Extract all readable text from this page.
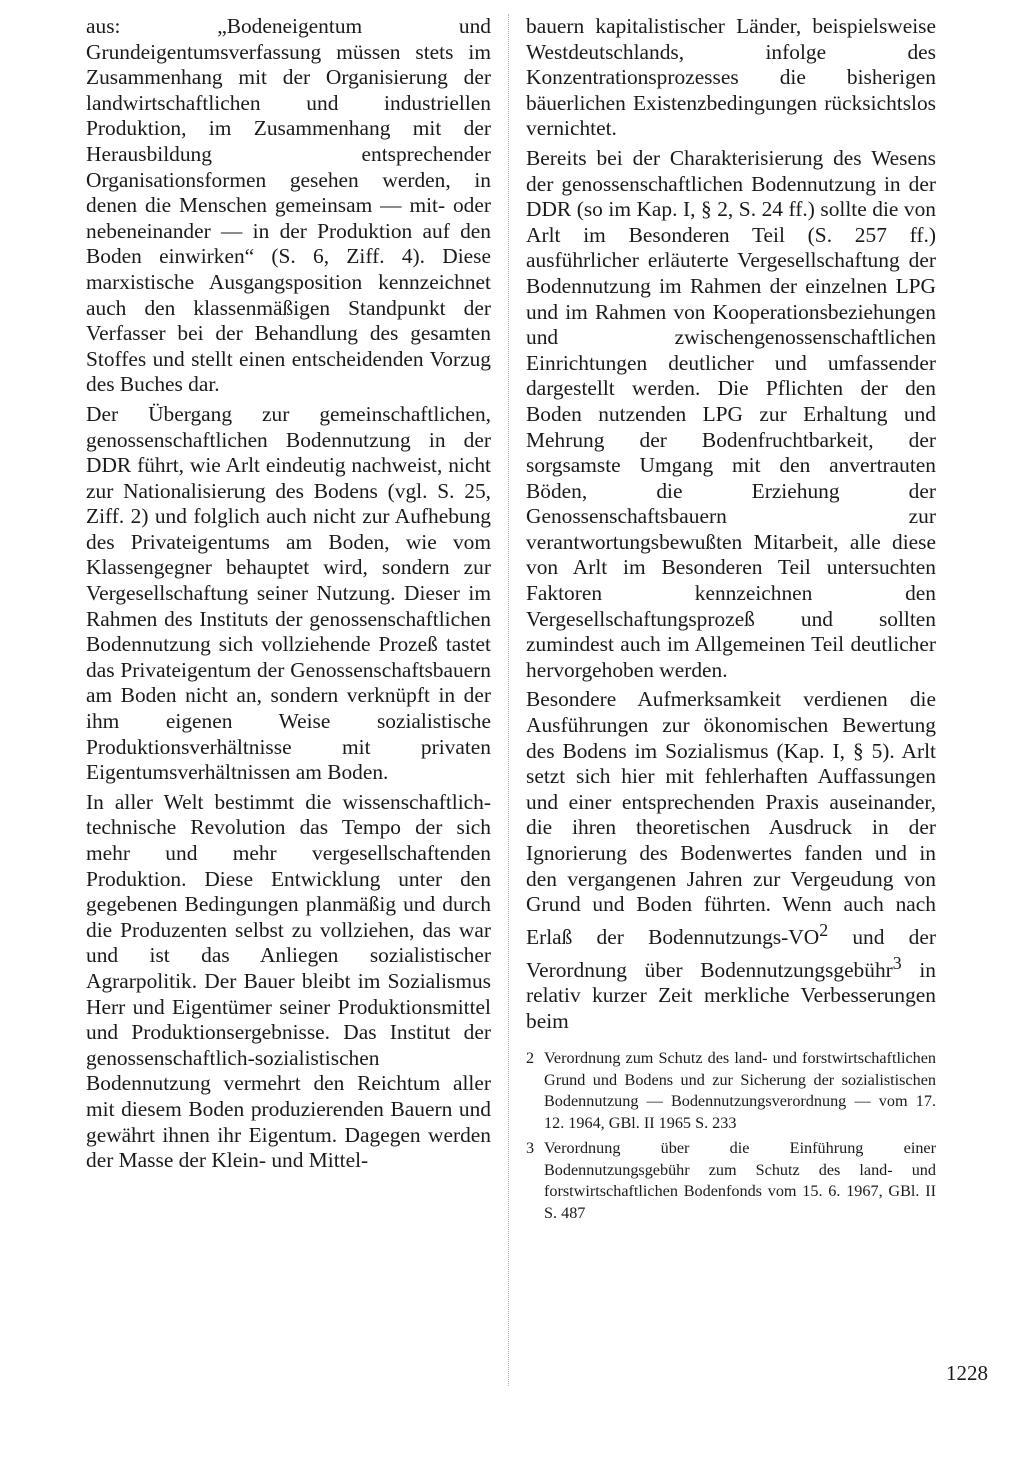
aus: „Bodeneigentum und Grundeigentumsverfassung müssen stets im Zusammenhang mit der Organisierung der landwirtschaftlichen und industriellen Produktion, im Zusammenhang mit der Herausbildung entsprechender Organisationsformen gesehen werden, in denen die Menschen gemeinsam — mit- oder nebeneinander — in der Produktion auf den Boden einwirken“ (S. 6, Ziff. 4). Diese marxistische Ausgangsposition kennzeichnet auch den klassenmäßigen Standpunkt der Verfasser bei der Behandlung des gesamten Stoffes und stellt einen entscheidenden Vorzug des Buches dar.

Der Übergang zur gemeinschaftlichen, genossenschaftlichen Bodennutzung in der DDR führt, wie Arlt eindeutig nachweist, nicht zur Nationalisierung des Bodens (vgl. S. 25, Ziff. 2) und folglich auch nicht zur Aufhebung des Privateigentums am Boden, wie vom Klassengegner behauptet wird, sondern zur Vergesellschaftung seiner Nutzung. Dieser im Rahmen des Instituts der genossenschaftlichen Bodennutzung sich vollziehende Prozeß tastet das Privateigentum der Genossenschaftsbauern am Boden nicht an, sondern verknüpft in der ihm eigenen Weise sozialistische Produktionsverhältnisse mit privaten Eigentumsverhältnissen am Boden.

In aller Welt bestimmt die wissenschaftlich-technische Revolution das Tempo der sich mehr und mehr vergesellschaftenden Produktion. Diese Entwicklung unter den gegebenen Bedingungen planmäßig und durch die Produzenten selbst zu vollziehen, das war und ist das Anliegen sozialistischer Agrarpolitik. Der Bauer bleibt im Sozialismus Herr und Eigentümer seiner Produktionsmittel und Produktionsergebnisse. Das Institut der genossenschaftlich-sozialistischen Bodennutzung vermehrt den Reichtum aller mit diesem Boden produzierenden Bauern und gewährt ihnen ihr Eigentum. Dagegen werden der Masse der Klein- und Mittel-

bauern kapitalistischer Länder, beispielsweise Westdeutschlands, infolge des Konzentrationsprozesses die bisherigen bäuerlichen Existenzbedingungen rücksichtslos vernichtet.

Bereits bei der Charakterisierung des Wesens der genossenschaftlichen Bodennutzung in der DDR (so im Kap. I, § 2, S. 24 ff.) sollte die von Arlt im Besonderen Teil (S. 257 ff.) ausführlicher erläuterte Vergesellschaftung der Bodennutzung im Rahmen der einzelnen LPG und im Rahmen von Kooperationsbeziehungen und zwischengenossenschaftlichen Einrichtungen deutlicher und umfassender dargestellt werden. Die Pflichten der den Boden nutzenden LPG zur Erhaltung und Mehrung der Bodenfruchtbarkeit, der sorgsamste Umgang mit den anvertrauten Böden, die Erziehung der Genossenschaftsbauern zur verantwortungsbewußten Mitarbeit, alle diese von Arlt im Besonderen Teil untersuchten Faktoren kennzeichnen den Vergesellschaftungsprozeß und sollten zumindest auch im Allgemeinen Teil deutlicher hervorgehoben werden.

Besondere Aufmerksamkeit verdienen die Ausführungen zur ökonomischen Bewertung des Bodens im Sozialismus (Kap. I, § 5). Arlt setzt sich hier mit fehlerhaften Auffassungen und einer entsprechenden Praxis auseinander, die ihren theoretischen Ausdruck in der Ignorierung des Bodenwertes fanden und in den vergangenen Jahren zur Vergeudung von Grund und Boden führten. Wenn auch nach Erlaß der Bodennutzungs-$VO^2$ und der Verordnung über Bodennutzungsgebühr$^3$ in relativ kurzer Zeit merkliche Verbesserungen beim

2 Verordnung zum Schutz des land- und forstwirtschaftlichen Grund und Bodens und zur Sicherung der sozialistischen Bodennutzung — Bodennutzungsverordnung — vom 17. 12. 1964, GBl. II 1965 S. 233
3 Verordnung über die Einführung einer Bodennutzungsgebühr zum Schutz des land- und forstwirtschaftlichen Bodenfonds vom 15. 6. 1967, GBl. II S. 487
1228
